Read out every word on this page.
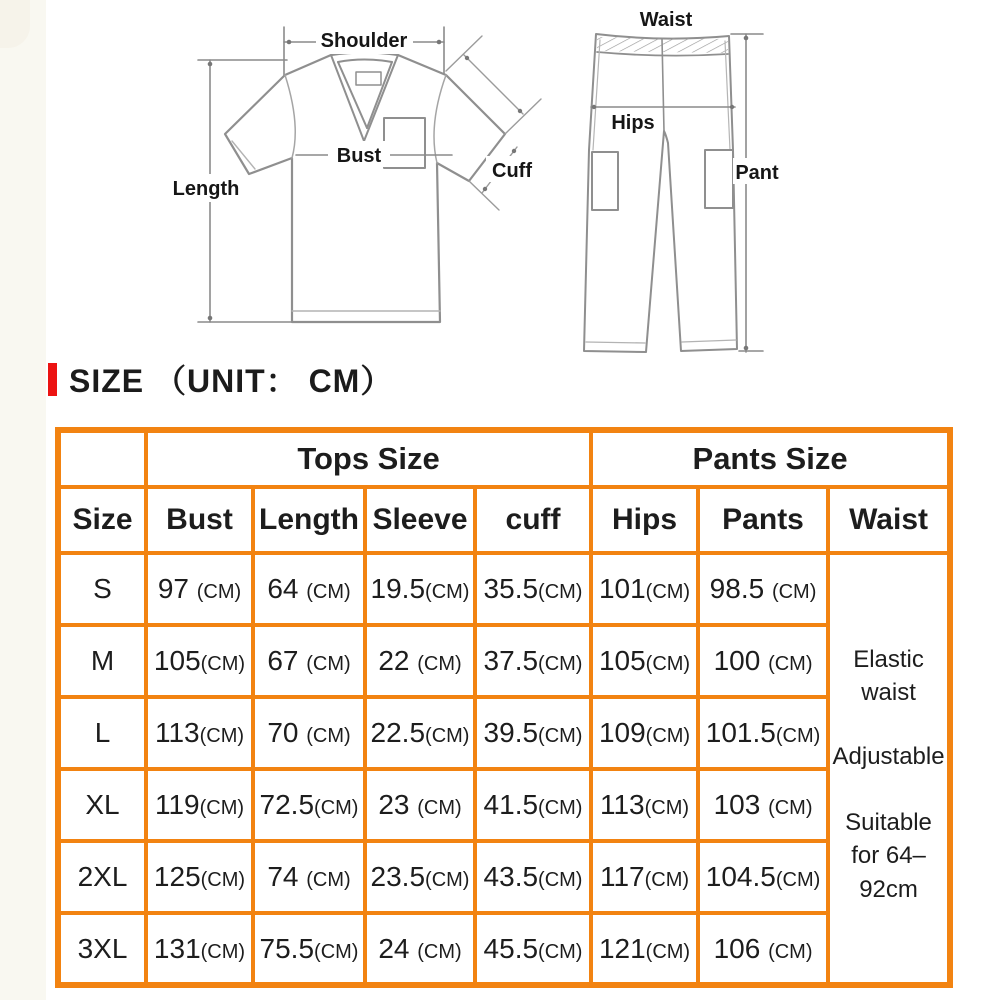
Shoulder
Length
Bust
Cuff
Waist
Hips
Pant
SIZE （UNIT： CM）
	Tops Size				Pants Size		
Size	Bust	Length	Sleeve	cuff	Hips	Pants	Waist
S	97 (CM)	64 (CM)	19.5(CM)	35.5(CM)	101(CM)	98.5 (CM)	Elastic waist
Adjustable
Suitable for 64–92cm

M	105(CM)	67 (CM)	22 (CM)	37.5(CM)	105(CM)	100 (CM)	
L	113(CM)	70 (CM)	22.5(CM)	39.5(CM)	109(CM)	101.5(CM)	
XL	119(CM)	72.5(CM)	23 (CM)	41.5(CM)	113(CM)	103 (CM)	
2XL	125(CM)	74 (CM)	23.5(CM)	43.5(CM)	117(CM)	104.5(CM)	
3XL	131(CM)	75.5(CM)	24 (CM)	45.5(CM)	121(CM)	106 (CM)	
